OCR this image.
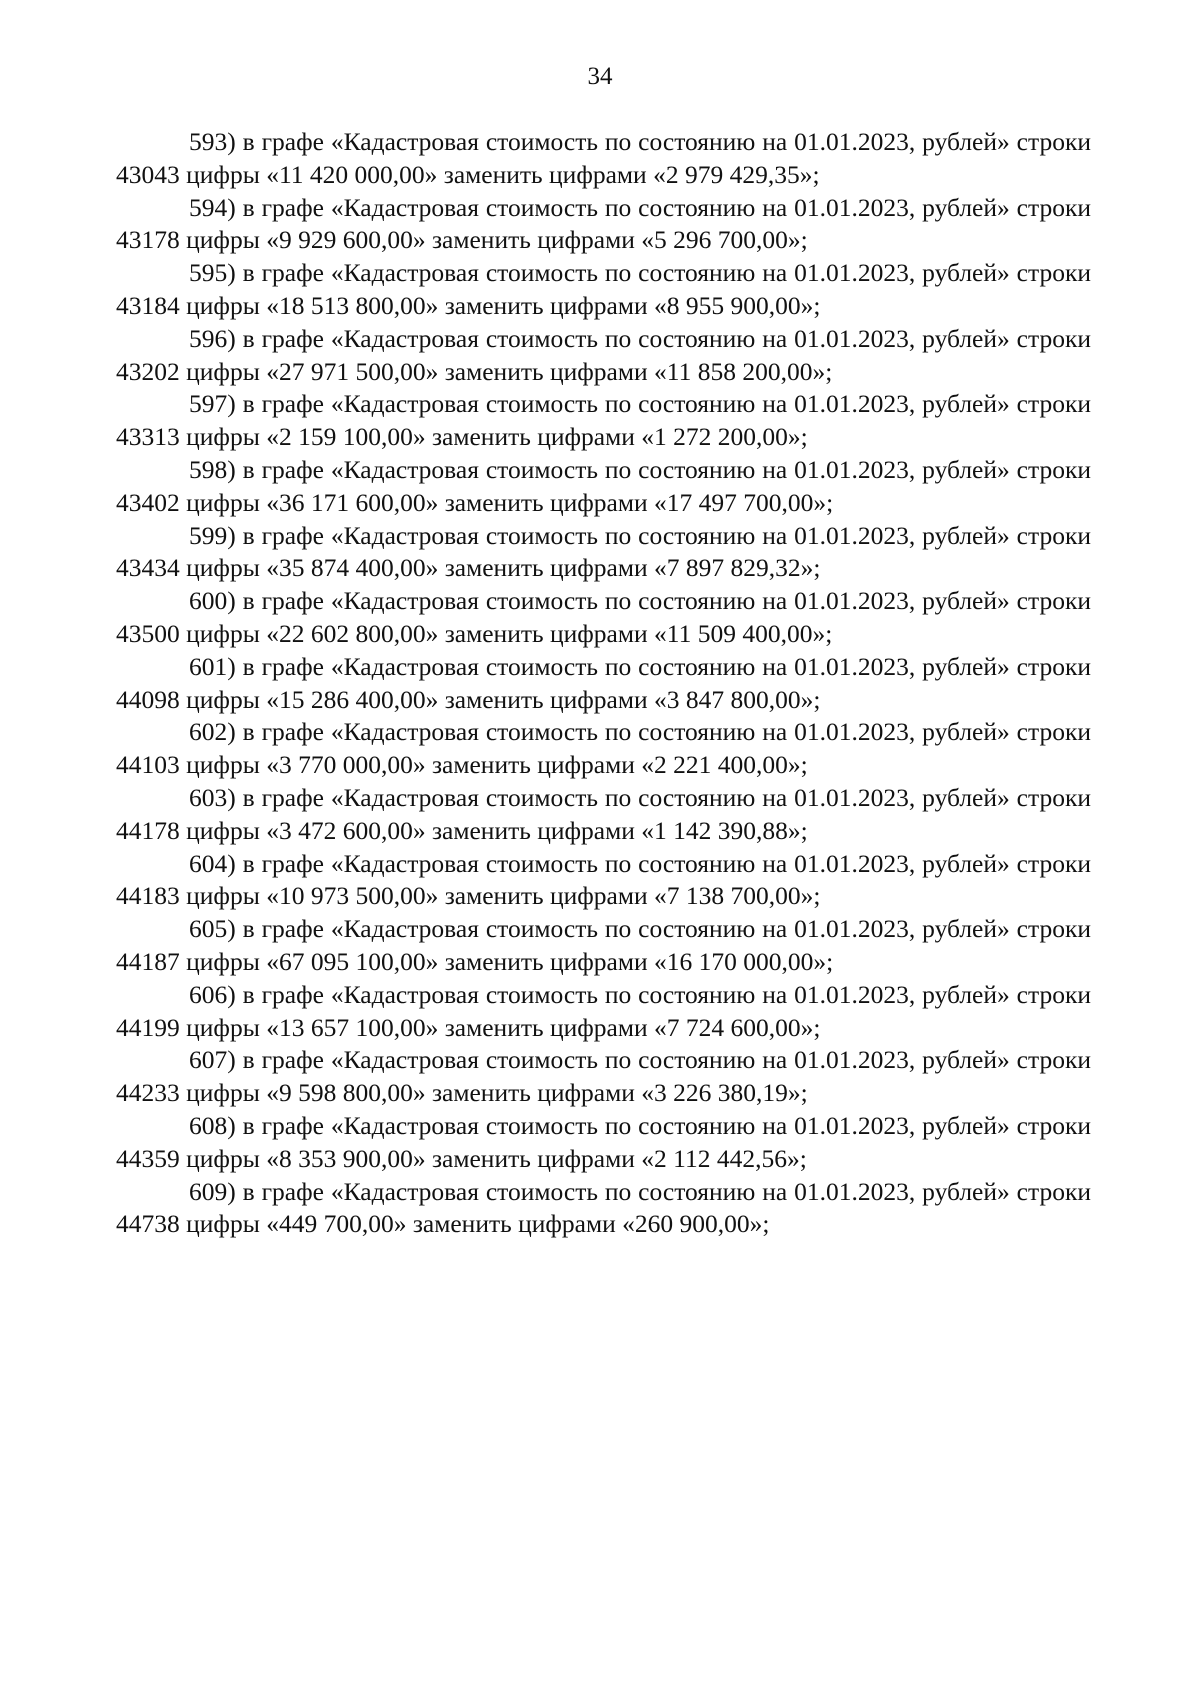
34

593) в графе «Кадастровая стоимость по состоянию на 01.01.2023, рублей» строки 43043 цифры «11 420 000,00» заменить цифрами «2 979 429,35»;

594) в графе «Кадастровая стоимость по состоянию на 01.01.2023, рублей» строки 43178 цифры «9 929 600,00» заменить цифрами «5 296 700,00»;

595) в графе «Кадастровая стоимость по состоянию на 01.01.2023, рублей» строки 43184 цифры «18 513 800,00» заменить цифрами «8 955 900,00»;

596) в графе «Кадастровая стоимость по состоянию на 01.01.2023, рублей» строки 43202 цифры «27 971 500,00» заменить цифрами «11 858 200,00»;

597) в графе «Кадастровая стоимость по состоянию на 01.01.2023, рублей» строки 43313 цифры «2 159 100,00» заменить цифрами «1 272 200,00»;

598) в графе «Кадастровая стоимость по состоянию на 01.01.2023, рублей» строки 43402 цифры «36 171 600,00» заменить цифрами «17 497 700,00»;

599) в графе «Кадастровая стоимость по состоянию на 01.01.2023, рублей» строки 43434 цифры «35 874 400,00» заменить цифрами «7 897 829,32»;

600) в графе «Кадастровая стоимость по состоянию на 01.01.2023, рублей» строки 43500 цифры «22 602 800,00» заменить цифрами «11 509 400,00»;

601) в графе «Кадастровая стоимость по состоянию на 01.01.2023, рублей» строки 44098 цифры «15 286 400,00» заменить цифрами «3 847 800,00»;

602) в графе «Кадастровая стоимость по состоянию на 01.01.2023, рублей» строки 44103 цифры «3 770 000,00» заменить цифрами «2 221 400,00»;

603) в графе «Кадастровая стоимость по состоянию на 01.01.2023, рублей» строки 44178 цифры «3 472 600,00» заменить цифрами «1 142 390,88»;

604) в графе «Кадастровая стоимость по состоянию на 01.01.2023, рублей» строки 44183 цифры «10 973 500,00» заменить цифрами «7 138 700,00»;

605) в графе «Кадастровая стоимость по состоянию на 01.01.2023, рублей» строки 44187 цифры «67 095 100,00» заменить цифрами «16 170 000,00»;

606) в графе «Кадастровая стоимость по состоянию на 01.01.2023, рублей» строки 44199 цифры «13 657 100,00» заменить цифрами «7 724 600,00»;

607) в графе «Кадастровая стоимость по состоянию на 01.01.2023, рублей» строки 44233 цифры «9 598 800,00» заменить цифрами «3 226 380,19»;

608) в графе «Кадастровая стоимость по состоянию на 01.01.2023, рублей» строки 44359 цифры «8 353 900,00» заменить цифрами «2 112 442,56»;

609) в графе «Кадастровая стоимость по состоянию на 01.01.2023, рублей» строки 44738 цифры «449 700,00» заменить цифрами «260 900,00»;
